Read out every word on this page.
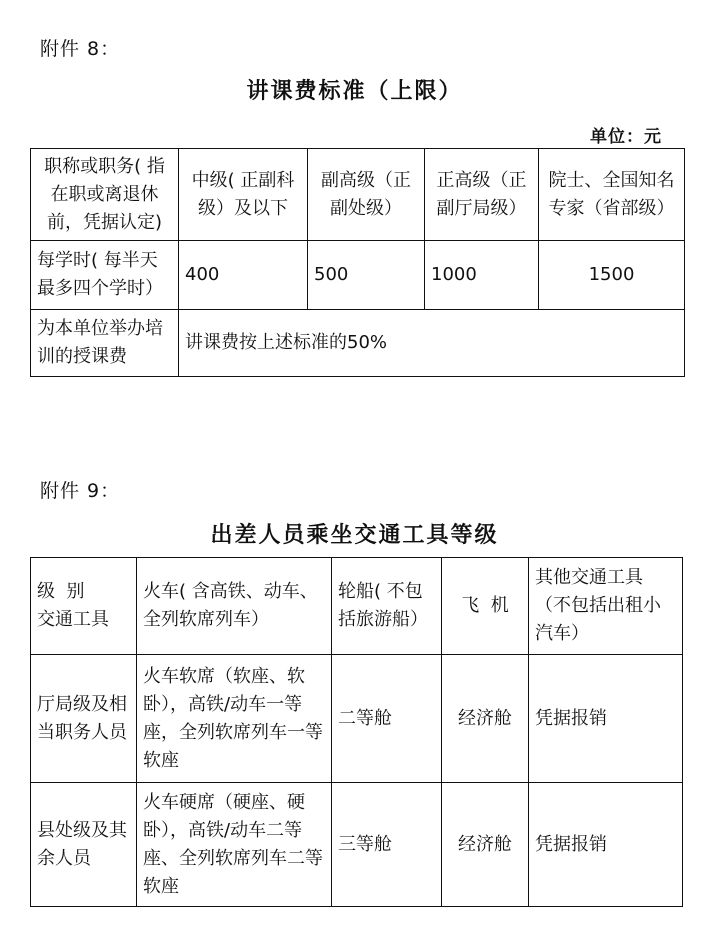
附件 8：
讲课费标准（上限）
单位：元
职称或职务( 指在职或离退休前，凭据认定)	中级( 正副科级）及以下	副高级（正副处级）	正高级（正副厅局级）	院士、全国知名专家（省部级）
每学时( 每半天最多四个学时）	400	500	1000	1500
为本单位举办培训的授课费	讲课费按上述标准的50%			
附件 9：
出差人员乘坐交通工具等级
级  别
交通工具	火车( 含高铁、动车、全列软席列车）	轮船( 不包括旅游船）	飞  机	其他交通工具（不包括出租小汽车）
厅局级及相当职务人员	火车软席（软座、软卧），高铁/动车一等座，全列软席列车一等软座	二等舱	经济舱	凭据报销
县处级及其余人员	火车硬席（硬座、硬卧），高铁/动车二等座、全列软席列车二等软座	三等舱	经济舱	凭据报销
